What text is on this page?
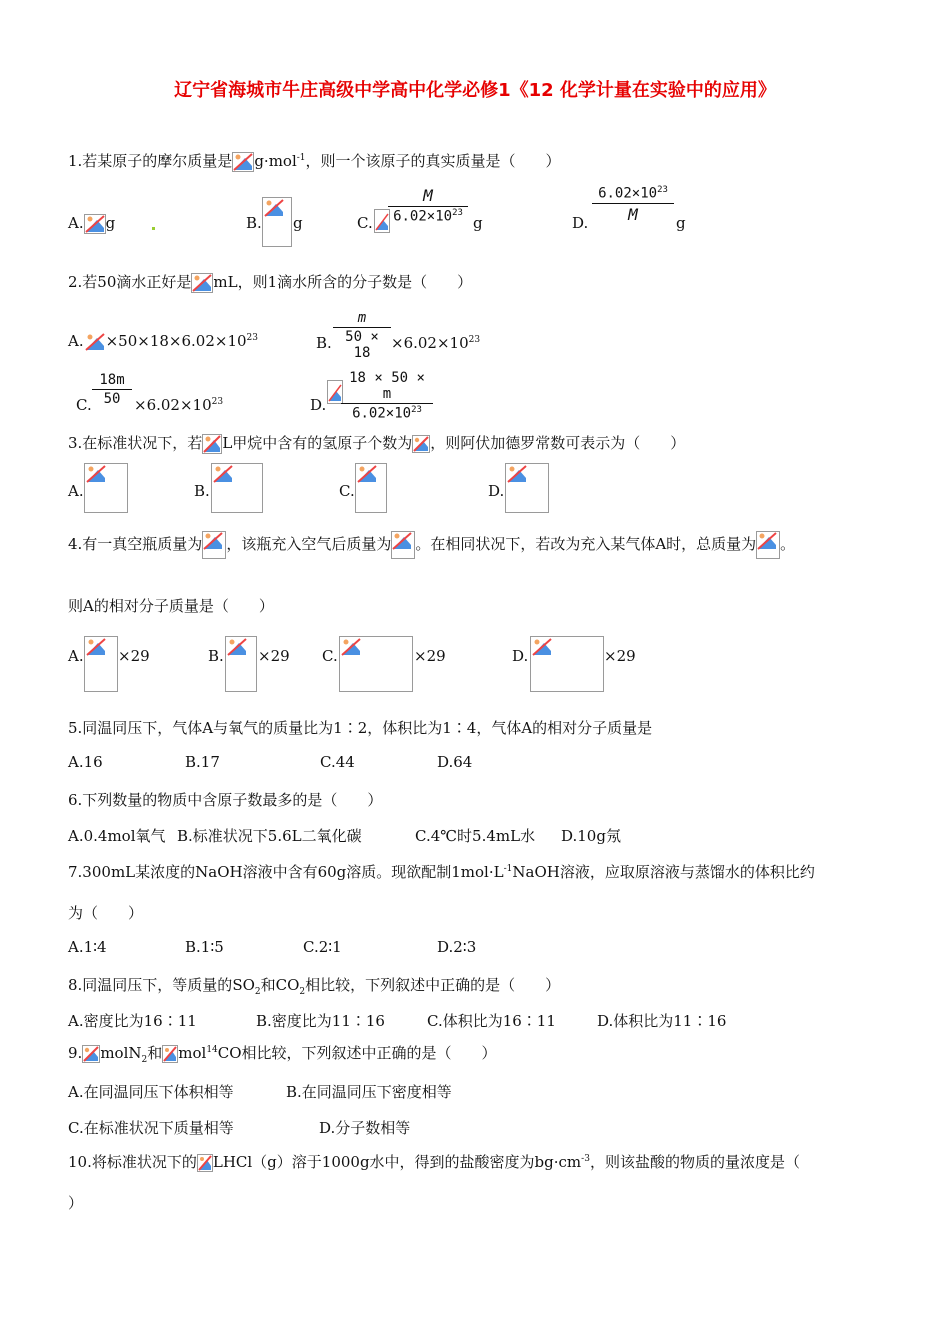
辽宁省海城市牛庄高级中学高中化学必修1《12 化学计量在实验中的应用》
1.若某原子的摩尔质量是 g·mol$^{-1}$，则一个该原子的真实质量是（　　）
A. g	B. g	C. $\frac{M}{6.02\times 10^{23}}$ g	D. $\frac{6.02\times 10^{23}}{M}$ g
2.若50滴水正好是 mL，则1滴水所含的分子数是（　　）
A. $\times 50\times 18\times 6.02\times 10^{23}$	B. $\frac{m}{50 \times 18} \times 6.02\times 10^{23}$
C. $\frac{18m}{50} \times 6.02\times 10^{23}$	D. $\frac{18 \times 50 \times m}{6.02\times 10^{23}}$
3.在标准状况下，若 L甲烷中含有的氢原子个数为 ，则阿伏加德罗常数可表示为（　　）
A.	B.	C.	D.
4.有一真空瓶质量为 ，该瓶充入空气后质量为 。在相同状况下，若改为充入某气体A时，总质量为 。
则A的相对分子质量是（　　）
A. ×29	B. ×29 C.	×29	D.	×29
5.同温同压下，气体A与氧气的质量比为1∶2，体积比为1∶4，气体A的相对分子质量是
A.16	B.17	C.44	D.64
6.下列数量的物质中含原子数最多的是（　　）
A.0.4mol氧气 B.标准状况下5.6L二氧化碳	C.4℃时5.4mL水 D.10g氖
7.300mL某浓度的NaOH溶液中含有60g溶质。现欲配制$1mol\cdot L^{-1}NaOH$溶液，应取原溶液与蒸馏水的体积比约
为（　　）
A.1∶4	B.1∶5	C.2∶1	D.2∶3
8.同温同压下，等质量的$SO_2$和$CO_2$相比较，下列叙述中正确的是（　　）
A.密度比为16∶11	B.密度比为11∶16	C.体积比为16∶11	D.体积比为11∶16
9. molN$_2$和 mol$^{14}$CO相比较，下列叙述中正确的是（　　）
A.在同温同压下体积相等	B.在同温同压下密度相等
C.在标准状况下质量相等	D.分子数相等
10.将标准状况下的 LHCl（g）溶于1000g水中，得到的盐酸密度为$bg\cdot cm^{-3}$，则该盐酸的物质的量浓度是（
）
